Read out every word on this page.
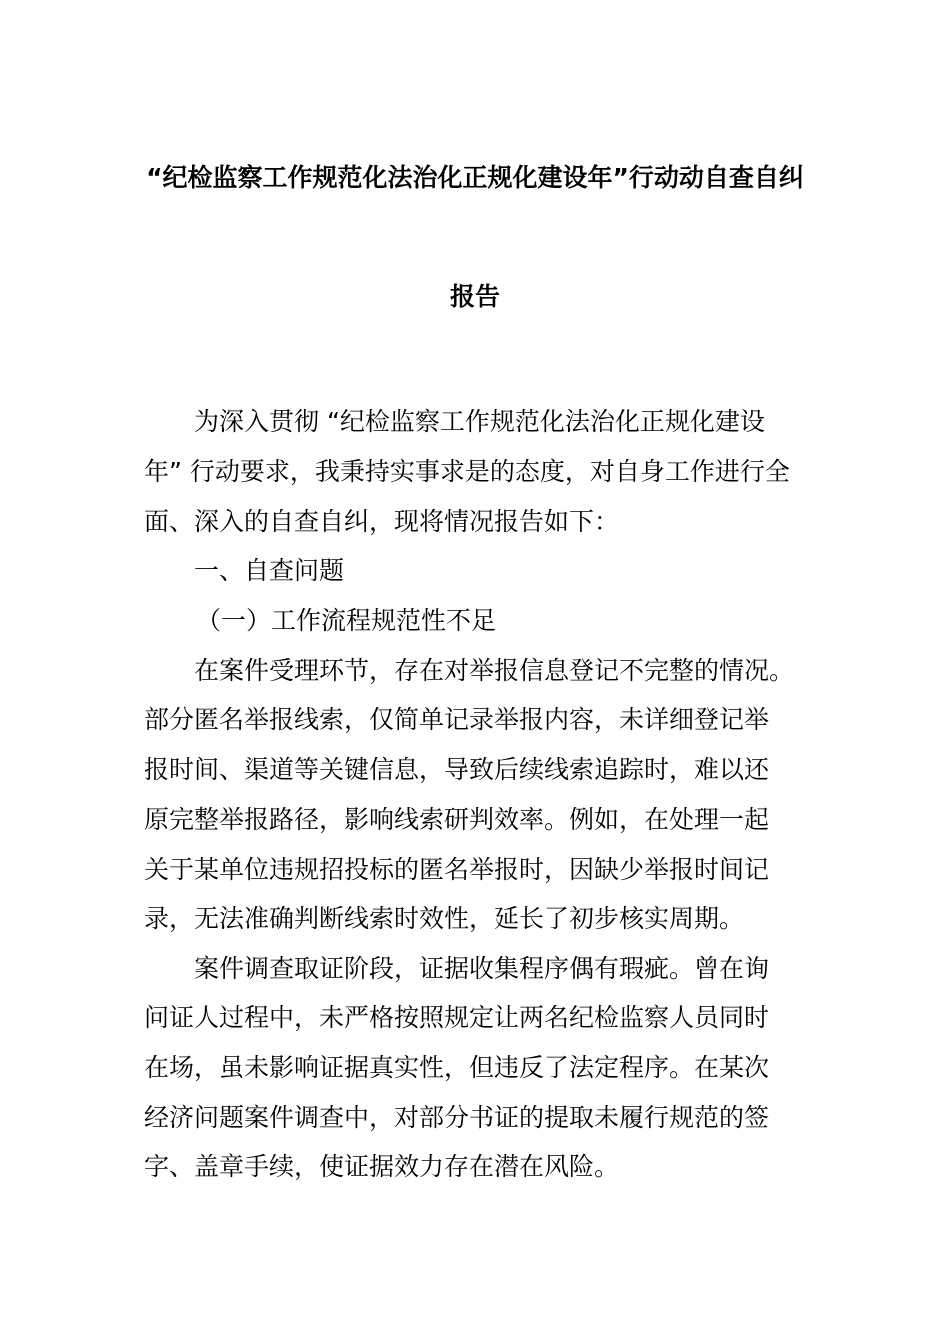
“纪检监察工作规范化法治化正规化建设年”行动动自查自纠
报告
为深入贯彻 “纪检监察工作规范化法治化正规化建设
年” 行动要求，我秉持实事求是的态度，对自身工作进行全
面、深入的自查自纠，现将情况报告如下：
一、自查问题
（一）工作流程规范性不足
在案件受理环节，存在对举报信息登记不完整的情况。
部分匿名举报线索，仅简单记录举报内容，未详细登记举
报时间、渠道等关键信息，导致后续线索追踪时，难以还
原完整举报路径，影响线索研判效率。例如，在处理一起
关于某单位违规招投标的匿名举报时，因缺少举报时间记
录，无法准确判断线索时效性，延长了初步核实周期。
案件调查取证阶段，证据收集程序偶有瑕疵。曾在询
问证人过程中，未严格按照规定让两名纪检监察人员同时
在场，虽未影响证据真实性，但违反了法定程序。在某次
经济问题案件调查中，对部分书证的提取未履行规范的签
字、盖章手续，使证据效力存在潜在风险。
